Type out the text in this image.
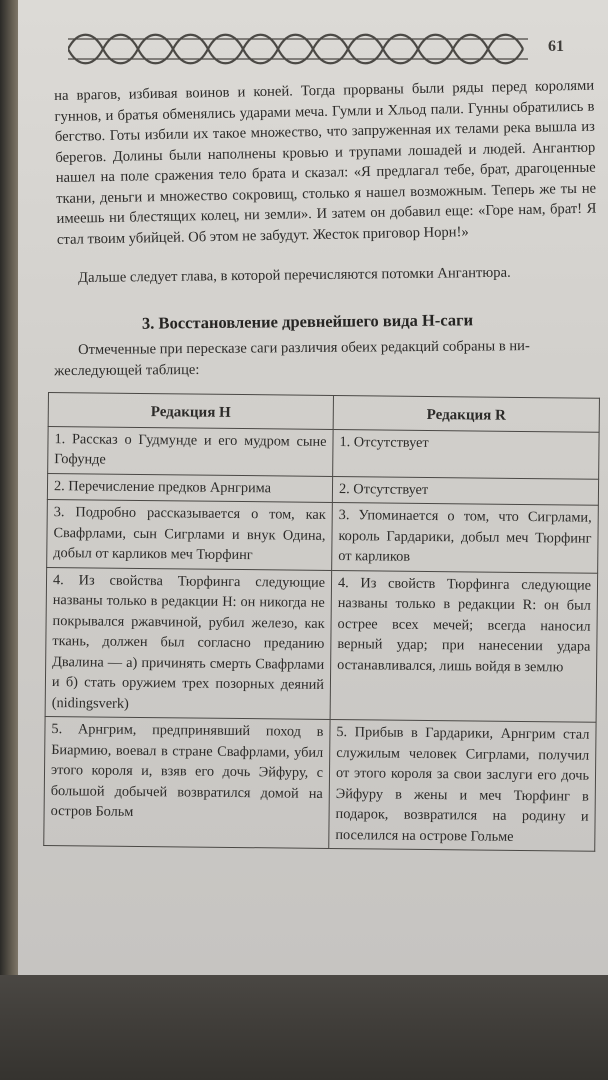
61
на врагов, избивая воинов и коней. Тогда прорваны были ряды перед королями гуннов, и братья обменялись ударами меча. Гумли и Хльод пали. Гунны обратились в бегство. Готы избили их такое множество, что запруженная их телами река вышла из берегов. Долины были наполнены кровью и трупами лошадей и людей. Ангантюр нашел на поле сражения тело брата и сказал: «Я предлагал тебе, брат, драгоценные ткани, деньги и множество сокровищ, столько я нашел возможным. Теперь же ты не имеешь ни блестящих колец, ни земли». И затем он добавил еще: «Горе нам, брат! Я стал твоим убийцей. Об этом не забудут. Жесток приговор Норн!»
Дальше следует глава, в которой перечисляются потомки Ангантюра.
3. Восстановление древнейшего вида Н-саги
Отмеченные при пересказе саги различия обеих редакций собраны в ни-
жеследующей таблице:
Редакция Н	Редакция R
1. Рассказ о Гудмунде и его мудром сыне Гофунде	1. Отсутствует
2. Перечисление предков Арнгрима	2. Отсутствует
3. Подробно рассказывается о том, как Свафрлами, сын Сигрлами и внук Одина, добыл от карликов меч Тюрфинг	3. Упоминается о том, что Сигрлами, король Гардарики, добыл меч Тюрфинг от карликов
4. Из свойства Тюрфинга следующие названы только в редакции Н: он никогда не покрывался ржавчиной, рубил железо, как ткань, должен был согласно преданию Двалина — а) причинять смерть Свафрлами и б) стать оружием трех позорных деяний (nidingsverk)	4. Из свойств Тюрфинга следующие названы только в редакции R: он был острее всех мечей; всегда наносил верный удар; при нанесении удара останавливался, лишь войдя в землю
5. Арнгрим, предпринявший поход в Биармию, воевал в стране Свафрлами, убил этого короля и, взяв его дочь Эйфуру, с большой добычей возвратился домой на остров Больм	5. Прибыв в Гардарики, Арнгрим стал служилым человек Сигрлами, получил от этого короля за свои заслуги его дочь Эйфуру в жены и меч Тюрфинг в подарок, возвратился на родину и поселился на острове Гольме
